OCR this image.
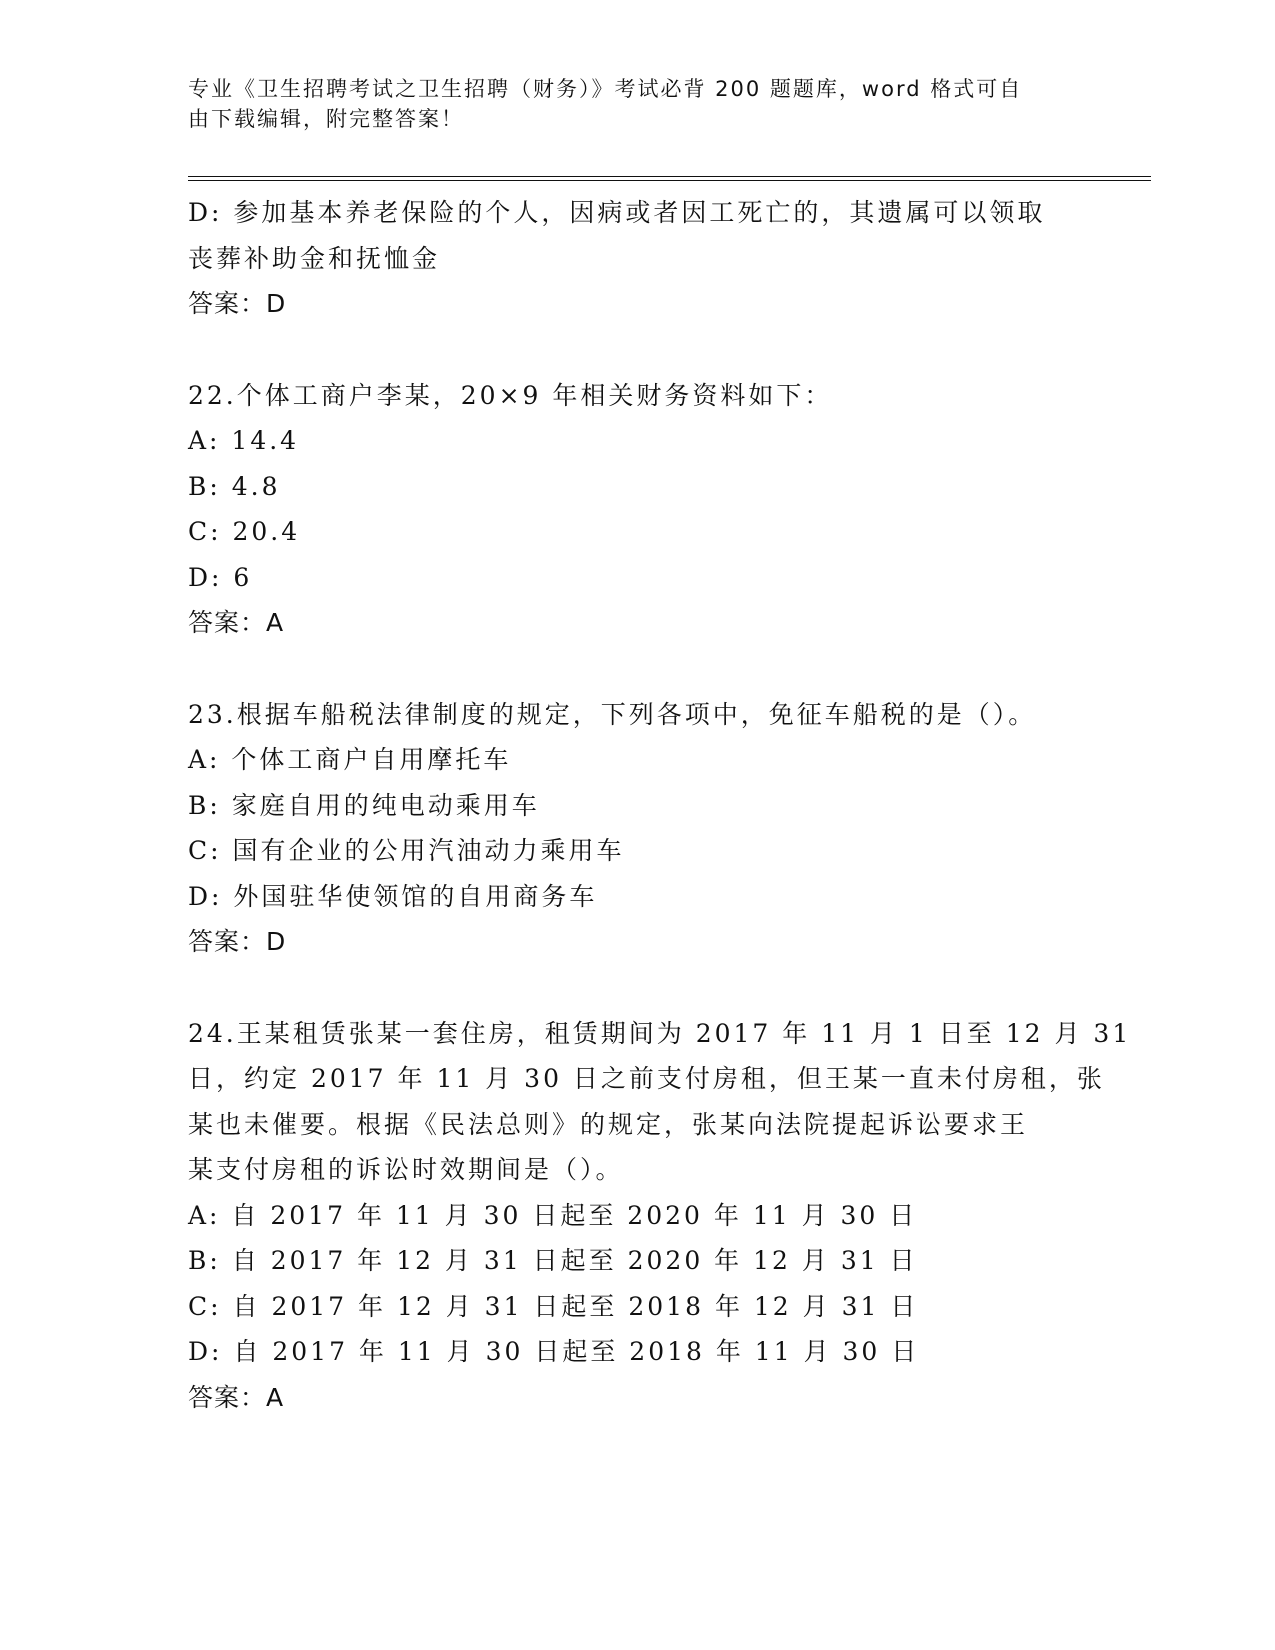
专业《卫生招聘考试之卫生招聘（财务）》考试必背 200 题题库，word 格式可自
由下载编辑，附完整答案！
D: 参加基本养老保险的个人，因病或者因工死亡的，其遗属可以领取
丧葬补助金和抚恤金
答案：D
22.个体工商户李某，20×9 年相关财务资料如下：
A: 14.4
B: 4.8
C: 20.4
D: 6
答案：A
23.根据车船税法律制度的规定，下列各项中，免征车船税的是（）。
A: 个体工商户自用摩托车
B: 家庭自用的纯电动乘用车
C: 国有企业的公用汽油动力乘用车
D: 外国驻华使领馆的自用商务车
答案：D
24.王某租赁张某一套住房，租赁期间为 2017 年 11 月 1 日至 12 月 31
日，约定 2017 年 11 月 30 日之前支付房租，但王某一直未付房租，张
某也未催要。根据《民法总则》的规定，张某向法院提起诉讼要求王
某支付房租的诉讼时效期间是（）。
A: 自 2017 年 11 月 30 日起至 2020 年 11 月 30 日
B: 自 2017 年 12 月 31 日起至 2020 年 12 月 31 日
C: 自 2017 年 12 月 31 日起至 2018 年 12 月 31 日
D: 自 2017 年 11 月 30 日起至 2018 年 11 月 30 日
答案：A
